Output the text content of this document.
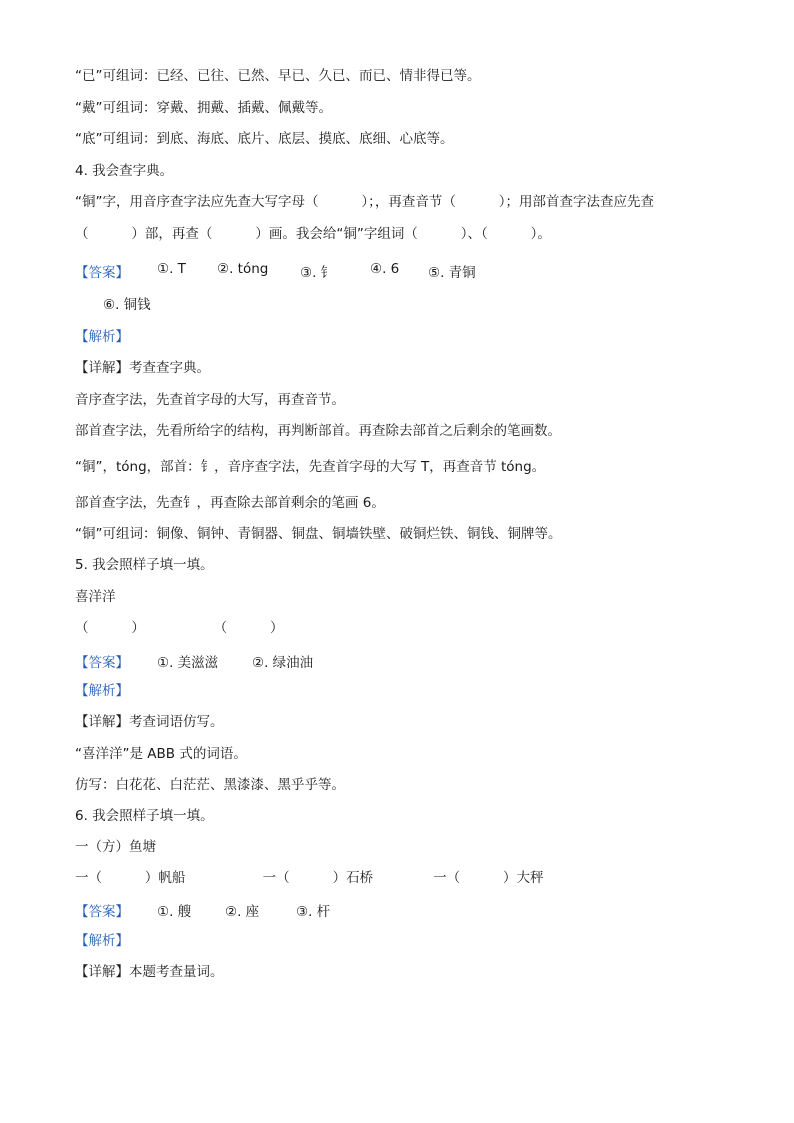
“已”可组词：已经、已往、已然、早已、久已、而已、情非得已等。
“戴”可组词：穿戴、拥戴、插戴、佩戴等。
“底”可组词：到底、海底、底片、底层、摸底、底细、心底等。
4. 我会查字典。
“铜”字，用音序查字法应先查大写字母（          ）；，再查音节（          ）；用部首查字法查应先查
（          ）部，再查（          ）画。我会给“铜”字组词（          ）、（          ）。
【答案】 ①. T ②. tóng ③. 钅	④. 6 ⑤. 青铜
⑥. 铜钱
【解析】
【详解】考查查字典。
音序查字法，先查首字母的大写，再查音节。
部首查字法，先看所给字的结构，再判断部首。再查除去部首之后剩余的笔画数。
“铜”，tóng，部首：钅，音序查字法，先查首字母的大写 T，再查音节 tóng。
部首查字法，先查钅，再查除去部首剩余的笔画 6。
“铜”可组词：铜像、铜钟、青铜器、铜盘、铜墙铁壁、破铜烂铁、铜钱、铜牌等。
5. 我会照样子填一填。
喜洋洋
（          ）                （          ）
【答案】 ①. 美滋滋	②. 绿油油
【解析】
【详解】考查词语仿写。
“喜洋洋”是 ABB 式的词语。
仿写：白花花、白茫茫、黑漆漆、黑乎乎等。
6. 我会照样子填一填。
一（方）鱼塘
一（          ）帆船                  一（          ）石桥              一（          ）大秤
【答案】 ①. 艘	②. 座	③. 杆
【解析】
【详解】本题考查量词。
